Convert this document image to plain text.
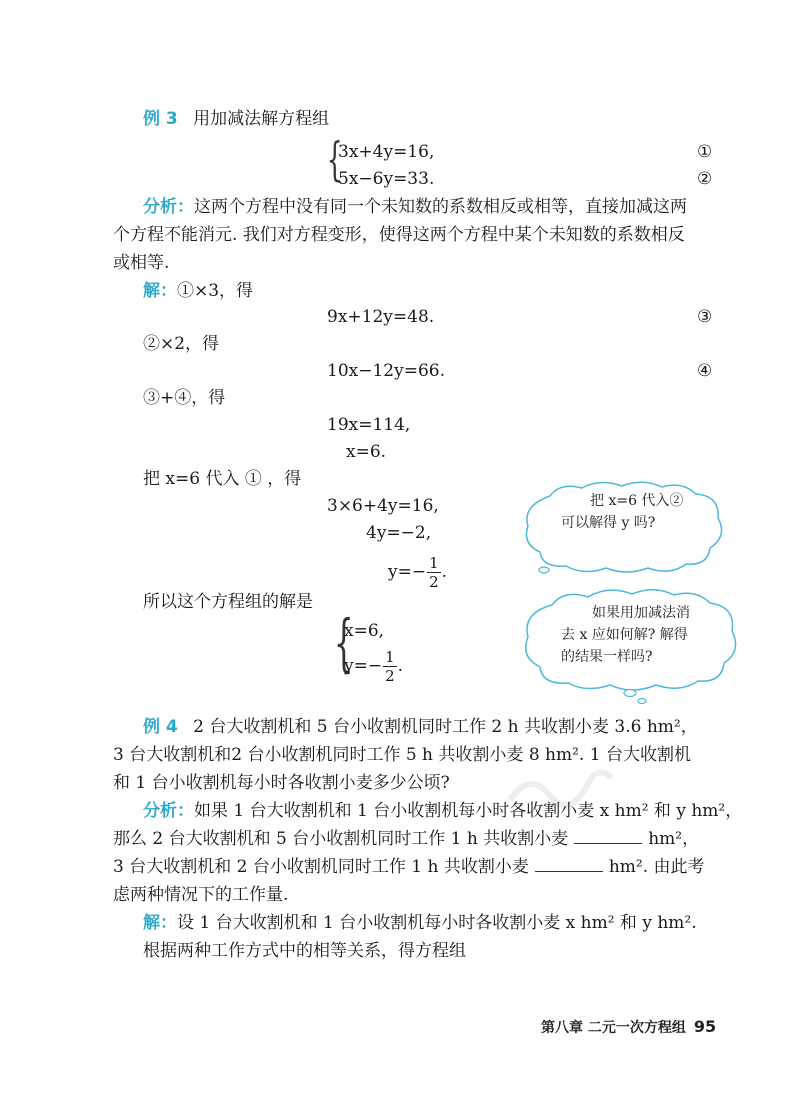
例 3 用加减法解方程组
{
3x+4y=16,	①
5x−6y=33.	②
分析：这两个方程中没有同一个未知数的系数相反或相等，直接加减这两
个方程不能消元. 我们对方程变形，使得这两个方程中某个未知数的系数相反
或相等.
解：①×3，得
9x+12y=48.	③
②×2，得
10x−12y=66.	④
③+④，得
19x=114,
x=6.
把 x=6 代入 ① ，得
3×6+4y=16,
4y=−2,
$y=- \frac{1}{2}$ .
所以这个方程组的解是
{
x=6,
$y=- \frac{1}{2}$ .
把 x=6 代入②
可以解得 y 吗?
如果用加减法消
去 x 应如何解? 解得
的结果一样吗?
例 4 2 台大收割机和 5 台小收割机同时工作 2 h 共收割小麦 3.6 hm²，
3 台大收割机和2 台小收割机同时工作 5 h 共收割小麦 8 hm². 1 台大收割机
和 1 台小收割机每小时各收割小麦多少公顷?
分析：如果 1 台大收割机和 1 台小收割机每小时各收割小麦 x hm² 和 y hm²，
那么 2 台大收割机和 5 台小收割机同时工作 1 h 共收割小麦	hm²，
3 台大收割机和 2 台小收割机同时工作 1 h 共收割小麦	hm². 由此考
虑两种情况下的工作量.
解：设 1 台大收割机和 1 台小收割机每小时各收割小麦 x hm² 和 y hm².
根据两种工作方式中的相等关系，得方程组
第八章 二元一次方程组 95
